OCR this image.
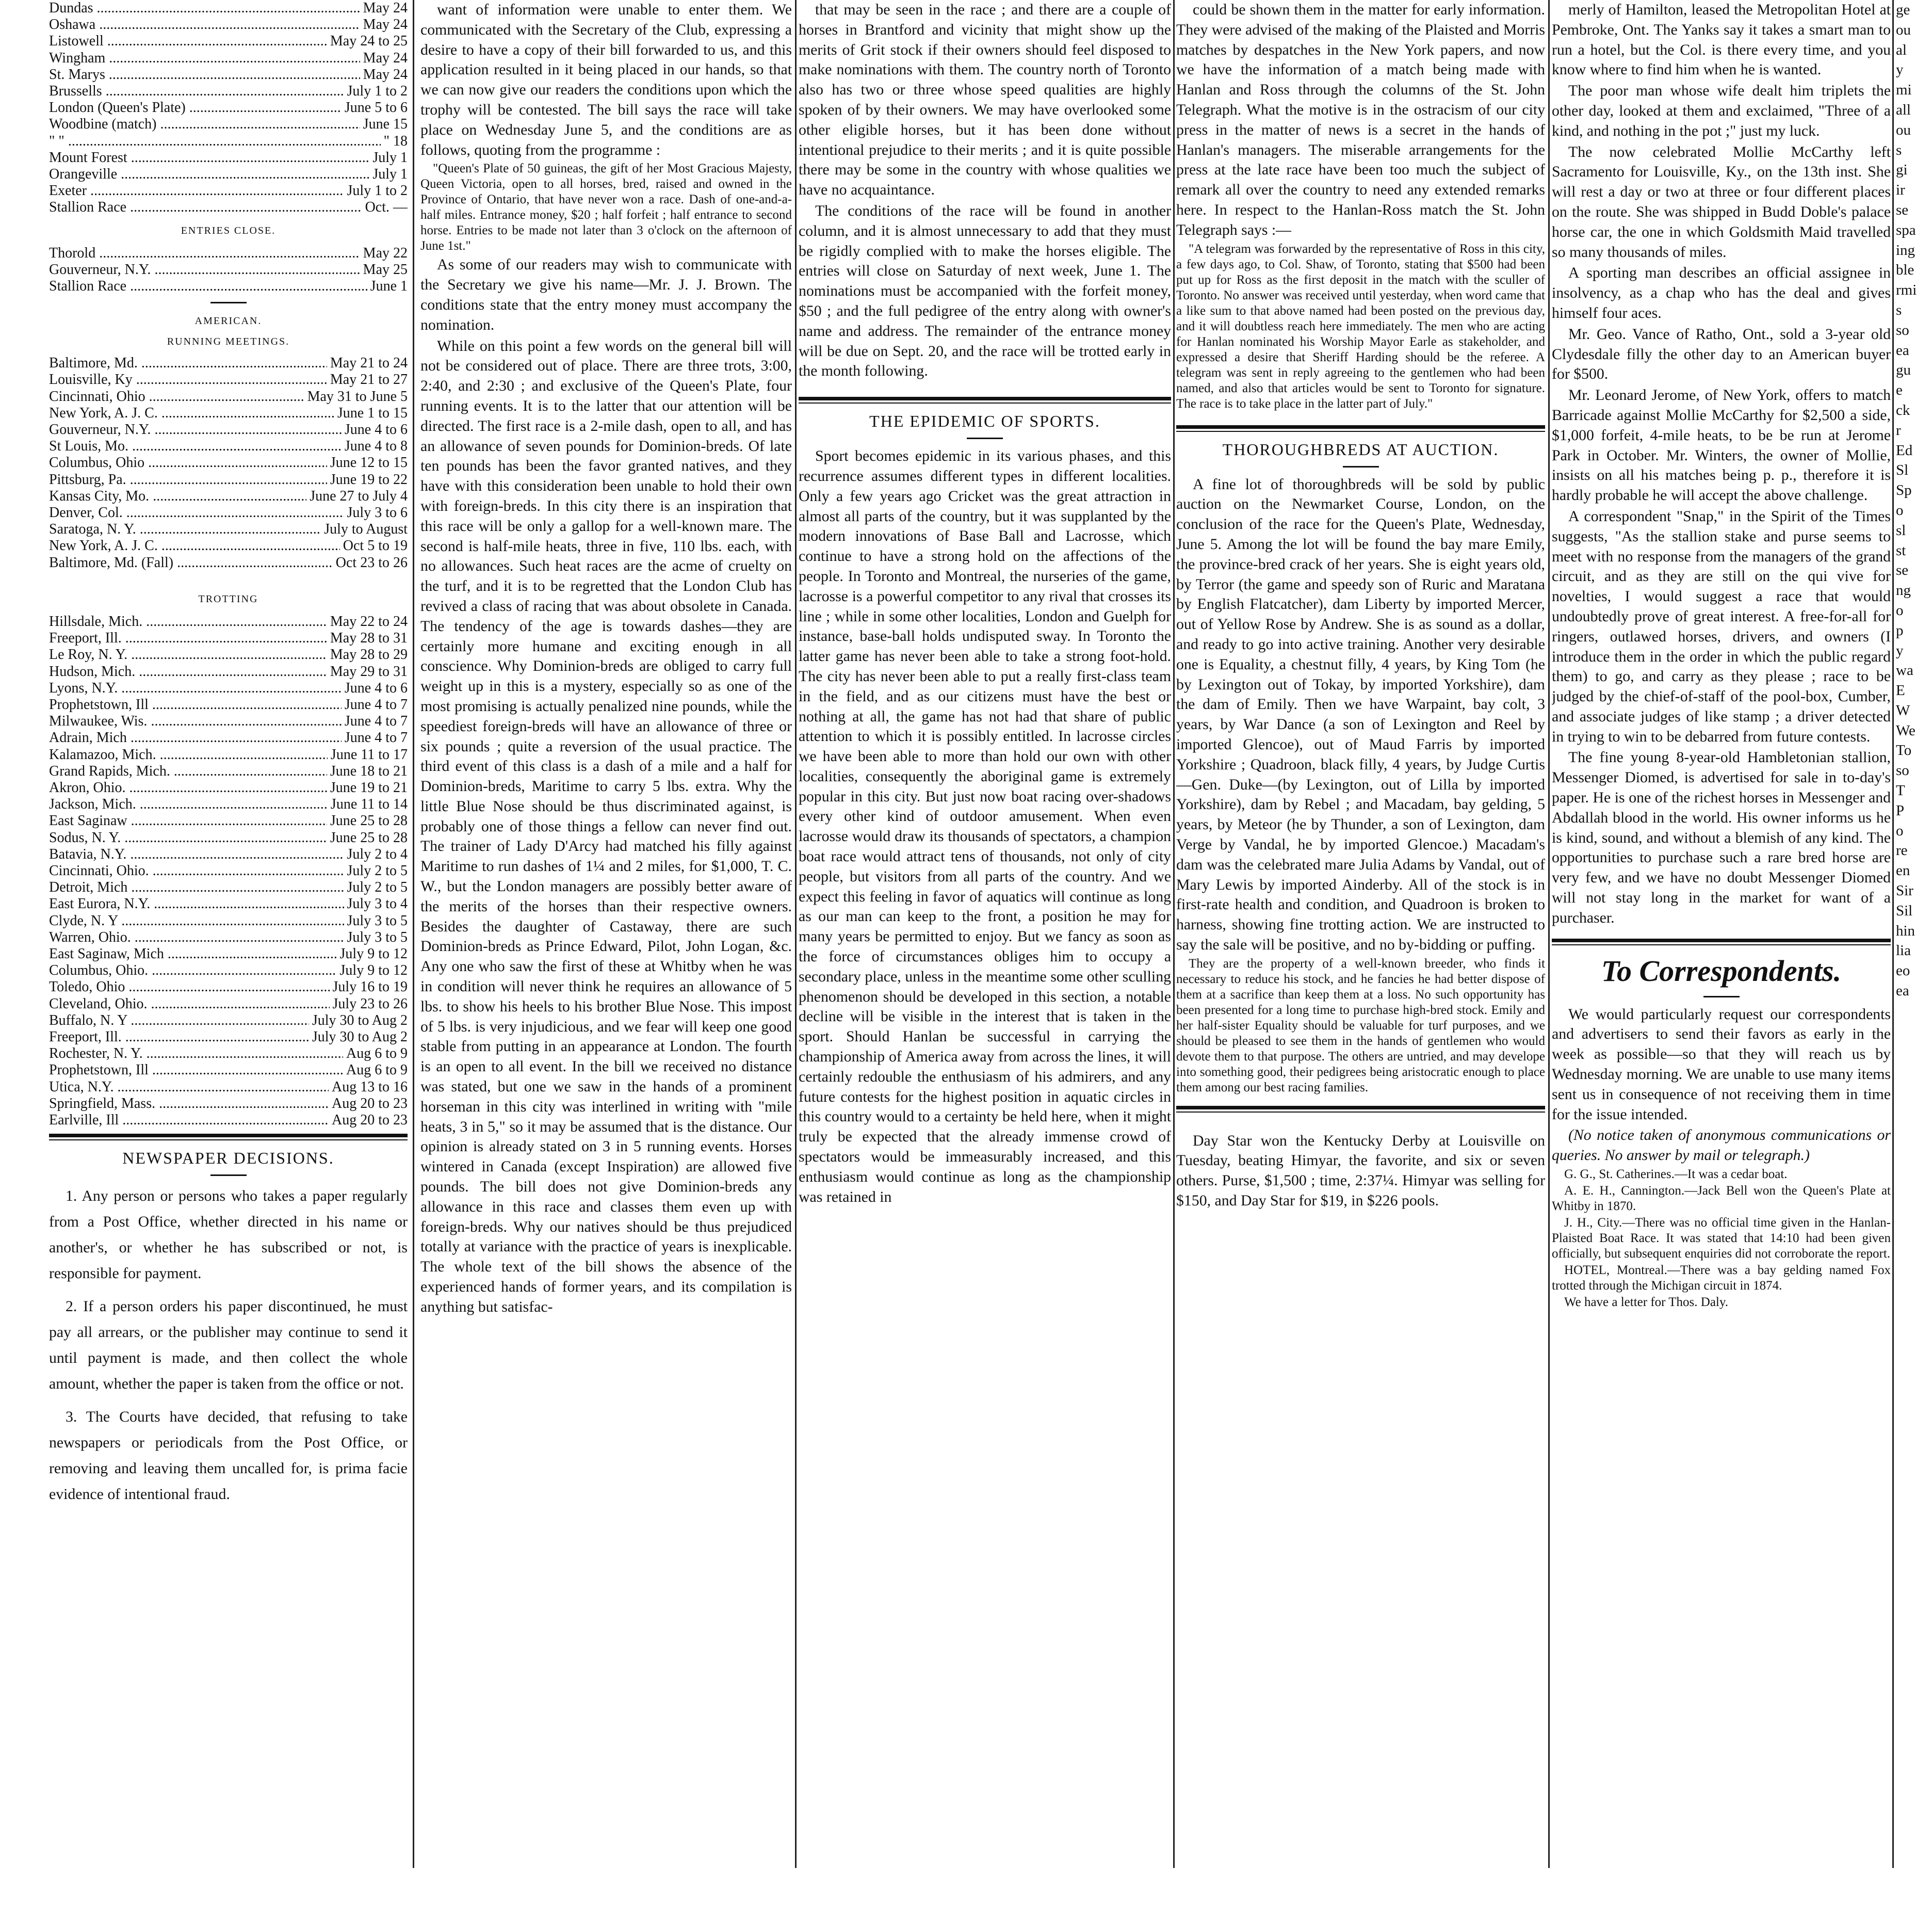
Dundas .....	May 24
Oshawa .....	May 24
Listowell .....	May 24 to 25
Wingham .....	May 24
St. Marys .....	May 24
Brussells .....	July 1 to 2
London (Queen's Plate) .....	June 5 to 6
Woodbine (match) .....	June 15
" " .....	" 18
Mount Forest .....	July 1
Orangeville .....	July 1
Exeter .....	July 1 to 2
Stallion Race .....	Oct. —
ENTRIES CLOSE.
Thorold .....	May 22
Gouverneur, N.Y. .....	May 25
Stallion Race .....	June 1
AMERICAN.
RUNNING MEETINGS.
Baltimore, Md. .....	May 21 to 24
Louisville, Ky .....	May 21 to 27
Cincinnati, Ohio .....	May 31 to June 5
New York, A. J. C. .....	June 1 to 15
Gouverneur, N.Y. .....	June 4 to 6
St Louis, Mo. .....	June 4 to 8
Columbus, Ohio .....	June 12 to 15
Pittsburg, Pa. .....	June 19 to 22
Kansas City, Mo. .....	June 27 to July 4
Denver, Col. .....	July 3 to 6
Saratoga, N. Y. .....	July to August
New York, A. J. C. .....	Oct 5 to 19
Baltimore, Md. (Fall) .....	Oct 23 to 26
TROTTING
Hillsdale, Mich. .....	May 22 to 24
Freeport, Ill. .....	May 28 to 31
Le Roy, N. Y. .....	May 28 to 29
Hudson, Mich. .....	May 29 to 31
Lyons, N.Y. .....	June 4 to 6
Prophetstown, Ill .....	June 4 to 7
Milwaukee, Wis. .....	June 4 to 7
Adrain, Mich .....	June 4 to 7
Kalamazoo, Mich. .....	June 11 to 17
Grand Rapids, Mich. .....	June 18 to 21
Akron, Ohio. .....	June 19 to 21
Jackson, Mich. .....	June 11 to 14
East Saginaw .....	June 25 to 28
Sodus, N. Y. .....	June 25 to 28
Batavia, N.Y. .....	July 2 to 4
Cincinnati, Ohio. .....	July 2 to 5
Detroit, Mich .....	July 2 to 5
East Eurora, N.Y. .....	July 3 to 4
Clyde, N. Y .....	July 3 to 5
Warren, Ohio. .....	July 3 to 5
East Saginaw, Mich .....	July 9 to 12
Columbus, Ohio. .....	July 9 to 12
Toledo, Ohio .....	July 16 to 19
Cleveland, Ohio. .....	July 23 to 26
Buffalo, N. Y .....	July 30 to Aug 2
Freeport, Ill. .....	July 30 to Aug 2
Rochester, N. Y. .....	Aug 6 to 9
Prophetstown, Ill .....	Aug 6 to 9
Utica, N.Y. .....	Aug 13 to 16
Springfield, Mass. .....	Aug 20 to 23
Earlville, Ill .....	Aug 20 to 23
NEWSPAPER DECISIONS.

1. Any person or persons who takes a paper regularly from a Post Office, whether directed in his name or another's, or whether he has subscribed or not, is responsible for payment.

2. If a person orders his paper discontinued, he must pay all arrears, or the publisher may continue to send it until payment is made, and then collect the whole amount, whether the paper is taken from the office or not.

3. The Courts have decided, that refusing to take newspapers or periodicals from the Post Office, or removing and leaving them uncalled for, is prima facie evidence of intentional fraud.

want of information were unable to enter them. We communicated with the Secretary of the Club, expressing a desire to have a copy of their bill forwarded to us, and this application resulted in it being placed in our hands, so that we can now give our readers the conditions upon which the trophy will be contested. The bill says the race will take place on Wednesday June 5, and the conditions are as follows, quoting from the programme :

"Queen's Plate of 50 guineas, the gift of her Most Gracious Majesty, Queen Victoria, open to all horses, bred, raised and owned in the Province of Ontario, that have never won a race. Dash of one-and-a-half miles. Entrance money, $20 ; half forfeit ; half entrance to second horse. Entries to be made not later than 3 o'clock on the afternoon of June 1st."

As some of our readers may wish to communicate with the Secretary we give his name—Mr. J. J. Brown. The conditions state that the entry money must accompany the nomination.

While on this point a few words on the general bill will not be considered out of place. There are three trots, 3:00, 2:40, and 2:30 ; and exclusive of the Queen's Plate, four running events. It is to the latter that our attention will be directed. The first race is a 2-mile dash, open to all, and has an allowance of seven pounds for Dominion-breds. Of late ten pounds has been the favor granted natives, and they have with this consideration been unable to hold their own with foreign-breds. In this city there is an inspiration that this race will be only a gallop for a well-known mare. The second is half-mile heats, three in five, 110 lbs. each, with no allowances. Such heat races are the acme of cruelty on the turf, and it is to be regretted that the London Club has revived a class of racing that was about obsolete in Canada. The tendency of the age is towards dashes—they are certainly more humane and exciting enough in all conscience. Why Dominion-breds are obliged to carry full weight up in this is a mystery, especially so as one of the most promising is actually penalized nine pounds, while the speediest foreign-breds will have an allowance of three or six pounds ; quite a reversion of the usual practice. The third event of this class is a dash of a mile and a half for Dominion-breds, Maritime to carry 5 lbs. extra. Why the little Blue Nose should be thus discriminated against, is probably one of those things a fellow can never find out. The trainer of Lady D'Arcy had matched his filly against Maritime to run dashes of 1¼ and 2 miles, for $1,000, T. C. W., but the London managers are possibly better aware of the merits of the horses than their respective owners. Besides the daughter of Castaway, there are such Dominion-breds as Prince Edward, Pilot, John Logan, &c. Any one who saw the first of these at Whitby when he was in condition will never think he requires an allowance of 5 lbs. to show his heels to his brother Blue Nose. This impost of 5 lbs. is very injudicious, and we fear will keep one good stable from putting in an appearance at London. The fourth is an open to all event. In the bill we received no distance was stated, but one we saw in the hands of a prominent horseman in this city was interlined in writing with "mile heats, 3 in 5," so it may be assumed that is the distance. Our opinion is already stated on 3 in 5 running events. Horses wintered in Canada (except Inspiration) are allowed five pounds. The bill does not give Dominion-breds any allowance in this race and classes them even up with foreign-breds. Why our natives should be thus prejudiced totally at variance with the practice of years is inexplicable. The whole text of the bill shows the absence of the experienced hands of former years, and its compilation is anything but satisfac-

that may be seen in the race ; and there are a couple of horses in Brantford and vicinity that might show up the merits of Grit stock if their owners should feel disposed to make nominations with them. The country north of Toronto also has two or three whose speed qualities are highly spoken of by their owners. We may have overlooked some other eligible horses, but it has been done without intentional prejudice to their merits ; and it is quite possible there may be some in the country with whose qualities we have no acquaintance.

The conditions of the race will be found in another column, and it is almost unnecessary to add that they must be rigidly complied with to make the horses eligible. The entries will close on Saturday of next week, June 1. The nominations must be accompanied with the forfeit money, $50 ; and the full pedigree of the entry along with owner's name and address. The remainder of the entrance money will be due on Sept. 20, and the race will be trotted early in the month following.

THE EPIDEMIC OF SPORTS.

Sport becomes epidemic in its various phases, and this recurrence assumes different types in different localities. Only a few years ago Cricket was the great attraction in almost all parts of the country, but it was supplanted by the modern innovations of Base Ball and Lacrosse, which continue to have a strong hold on the affections of the people. In Toronto and Montreal, the nurseries of the game, lacrosse is a powerful competitor to any rival that crosses its line ; while in some other localities, London and Guelph for instance, base-ball holds undisputed sway. In Toronto the latter game has never been able to take a strong foot-hold. The city has never been able to put a really first-class team in the field, and as our citizens must have the best or nothing at all, the game has not had that share of public attention to which it is possibly entitled. In lacrosse circles we have been able to more than hold our own with other localities, consequently the aboriginal game is extremely popular in this city. But just now boat racing over-shadows every other kind of outdoor amusement. When even lacrosse would draw its thousands of spectators, a champion boat race would attract tens of thousands, not only of city people, but visitors from all parts of the country. And we expect this feeling in favor of aquatics will continue as long as our man can keep to the front, a position he may for many years be permitted to enjoy. But we fancy as soon as the force of circumstances obliges him to occupy a secondary place, unless in the meantime some other sculling phenomenon should be developed in this section, a notable decline will be visible in the interest that is taken in the sport. Should Hanlan be successful in carrying the championship of America away from across the lines, it will certainly redouble the enthusiasm of his admirers, and any future contests for the highest position in aquatic circles in this country would to a certainty be held here, when it might truly be expected that the already immense crowd of spectators would be immeasurably increased, and this enthusiasm would continue as long as the championship was retained in

could be shown them in the matter for early information. They were advised of the making of the Plaisted and Morris matches by despatches in the New York papers, and now we have the information of a match being made with Hanlan and Ross through the columns of the St. John Telegraph. What the motive is in the ostracism of our city press in the matter of news is a secret in the hands of Hanlan's managers. The miserable arrangements for the press at the late race have been too much the subject of remark all over the country to need any extended remarks here. In respect to the Hanlan-Ross match the St. John Telegraph says :—

"A telegram was forwarded by the representative of Ross in this city, a few days ago, to Col. Shaw, of Toronto, stating that $500 had been put up for Ross as the first deposit in the match with the sculler of Toronto. No answer was received until yesterday, when word came that a like sum to that above named had been posted on the previous day, and it will doubtless reach here immediately. The men who are acting for Hanlan nominated his Worship Mayor Earle as stakeholder, and expressed a desire that Sheriff Harding should be the referee. A telegram was sent in reply agreeing to the gentlemen who had been named, and also that articles would be sent to Toronto for signature. The race is to take place in the latter part of July."

THOROUGHBREDS AT AUCTION.

A fine lot of thoroughbreds will be sold by public auction on the Newmarket Course, London, on the conclusion of the race for the Queen's Plate, Wednesday, June 5. Among the lot will be found the bay mare Emily, the province-bred crack of her years. She is eight years old, by Terror (the game and speedy son of Ruric and Maratana by English Flatcatcher), dam Liberty by imported Mercer, out of Yellow Rose by Andrew. She is as sound as a dollar, and ready to go into active training. Another very desirable one is Equality, a chestnut filly, 4 years, by King Tom (he by Lexington out of Tokay, by imported Yorkshire), dam the dam of Emily. Then we have Warpaint, bay colt, 3 years, by War Dance (a son of Lexington and Reel by imported Glencoe), out of Maud Farris by imported Yorkshire ; Quadroon, black filly, 4 years, by Judge Curtis—Gen. Duke—(by Lexington, out of Lilla by imported Yorkshire), dam by Rebel ; and Macadam, bay gelding, 5 years, by Meteor (he by Thunder, a son of Lexington, dam Verge by Vandal, he by imported Glencoe.) Macadam's dam was the celebrated mare Julia Adams by Vandal, out of Mary Lewis by imported Ainderby. All of the stock is in first-rate health and condition, and Quadroon is broken to harness, showing fine trotting action. We are instructed to say the sale will be positive, and no by-bidding or puffing.

They are the property of a well-known breeder, who finds it necessary to reduce his stock, and he fancies he had better dispose of them at a sacrifice than keep them at a loss. No such opportunity has been presented for a long time to purchase high-bred stock. Emily and her half-sister Equality should be valuable for turf purposes, and we should be pleased to see them in the hands of gentlemen who would devote them to that purpose. The others are untried, and may develope into something good, their pedigrees being aristocratic enough to place them among our best racing families.

Day Star won the Kentucky Derby at Louisville on Tuesday, beating Himyar, the favorite, and six or seven others. Purse, $1,500 ; time, 2:37¼. Himyar was selling for $150, and Day Star for $19, in $226 pools.

merly of Hamilton, leased the Metropolitan Hotel at Pembroke, Ont. The Yanks say it takes a smart man to run a hotel, but the Col. is there every time, and you know where to find him when he is wanted.

The poor man whose wife dealt him triplets the other day, looked at them and exclaimed, "Three of a kind, and nothing in the pot ;" just my luck.

The now celebrated Mollie McCarthy left Sacramento for Louisville, Ky., on the 13th inst. She will rest a day or two at three or four different places on the route. She was shipped in Budd Doble's palace horse car, the one in which Goldsmith Maid travelled so many thousands of miles.

A sporting man describes an official assignee in insolvency, as a chap who has the deal and gives himself four aces.

Mr. Geo. Vance of Ratho, Ont., sold a 3-year old Clydesdale filly the other day to an American buyer for $500.

Mr. Leonard Jerome, of New York, offers to match Barricade against Mollie McCarthy for $2,500 a side, $1,000 forfeit, 4-mile heats, to be be run at Jerome Park in October. Mr. Winters, the owner of Mollie, insists on all his matches being p. p., therefore it is hardly probable he will accept the above challenge.

A correspondent "Snap," in the Spirit of the Times suggests, "As the stallion stake and purse seems to meet with no response from the managers of the grand circuit, and as they are still on the qui vive for novelties, I would suggest a race that would undoubtedly prove of great interest. A free-for-all for ringers, outlawed horses, drivers, and owners (I introduce them in the order in which the public regard them) to go, and carry as they please ; race to be judged by the chief-of-staff of the pool-box, Cumber, and associate judges of like stamp ; a driver detected in trying to win to be debarred from future contests.

The fine young 8-year-old Hambletonian stallion, Messenger Diomed, is advertised for sale in to-day's paper. He is one of the richest horses in Messenger and Abdallah blood in the world. His owner informs us he is kind, sound, and without a blemish of any kind. The opportunities to purchase such a rare bred horse are very few, and we have no doubt Messenger Diomed will not stay long in the market for want of a purchaser.

To Correspondents.

We would particularly request our correspondents and advertisers to send their favors as early in the week as possible—so that they will reach us by Wednesday morning. We are unable to use many items sent us in consequence of not receiving them in time for the issue intended.

(No notice taken of anonymous communications or queries. No answer by mail or telegraph.)

G. G., St. Catherines.—It was a cedar boat.

A. E. H., Cannington.—Jack Bell won the Queen's Plate at Whitby in 1870.

J. H., City.—There was no official time given in the Hanlan-Plaisted Boat Race. It was stated that 14:10 had been given officially, but subsequent enquiries did not corroborate the report.

HOTEL, Montreal.—There was a bay gelding named Fox trotted through the Michigan circuit in 1874.

We have a letter for Thos. Daly.

ge
ou
al
y
mi
all
ou
s
gi
ir
se
spa
ing
ble
rmi
s
so
ea
gu
e
ck
r
Ed
Sl
Sp
o
sl
st
se
ng
o
p
y
wa
E
W
We
To
so
T
P
o
re
en
Sir
Sil
hin
lia
eo
ea
